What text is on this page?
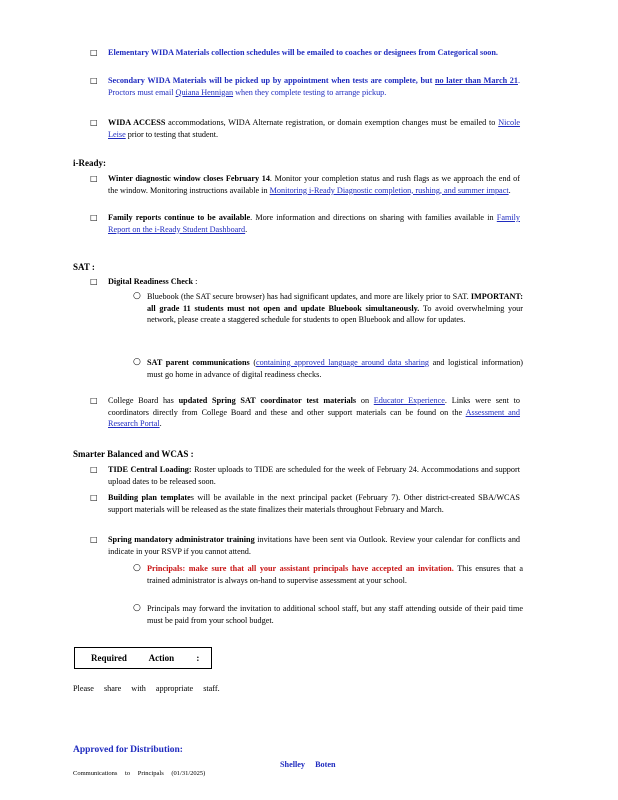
□ Elementary WIDA Materials collection schedules will be emailed to coaches or designees from Categorical soon.
□ Secondary WIDA Materials will be picked up by appointment when tests are complete, but no later than March 21. Proctors must email Quiana Hennigan when they complete testing to arrange pickup.
□ WIDA ACCESS accommodations, WIDA Alternate registration, or domain exemption changes must be emailed to Nicole Leise prior to testing that student.
i-Ready:
□ Winter diagnostic window closes February 14. Monitor your completion status and rush flags as we approach the end of the window. Monitoring instructions available in Monitoring i-Ready Diagnostic completion, rushing, and summer impact.
□ Family reports continue to be available. More information and directions on sharing with families available in Family Report on the i-Ready Student Dashboard.
SAT :
□ Digital Readiness Check :
○ Bluebook (the SAT secure browser) has had significant updates, and more are likely prior to SAT. IMPORTANT: all grade 11 students must not open and update Bluebook simultaneously. To avoid overwhelming your network, please create a staggered schedule for students to open Bluebook and allow for updates.
○ SAT parent communications (containing approved language around data sharing and logistical information) must go home in advance of digital readiness checks.
□ College Board has updated Spring SAT coordinator test materials on Educator Experience. Links were sent to coordinators directly from College Board and these and other support materials can be found on the Assessment and Research Portal.
Smarter Balanced and WCAS :
□ TIDE Central Loading: Roster uploads to TIDE are scheduled for the week of February 24. Accommodations and support upload dates to be released soon.
□ Building plan templates will be available in the next principal packet (February 7). Other district-created SBA/WCAS support materials will be released as the state finalizes their materials throughout February and March.
□ Spring mandatory administrator training invitations have been sent via Outlook. Review your calendar for conflicts and indicate in your RSVP if you cannot attend.
○ Principals: make sure that all your assistant principals have accepted an invitation. This ensures that a trained administrator is always on-hand to supervise assessment at your school.
○ Principals may forward the invitation to additional school staff, but any staff attending outside of their paid time must be paid from your school budget.
Required Action :
Please share with appropriate staff.
Approved for Distribution:
Shelley Boten
Communications to Principals (01/31/2025)
